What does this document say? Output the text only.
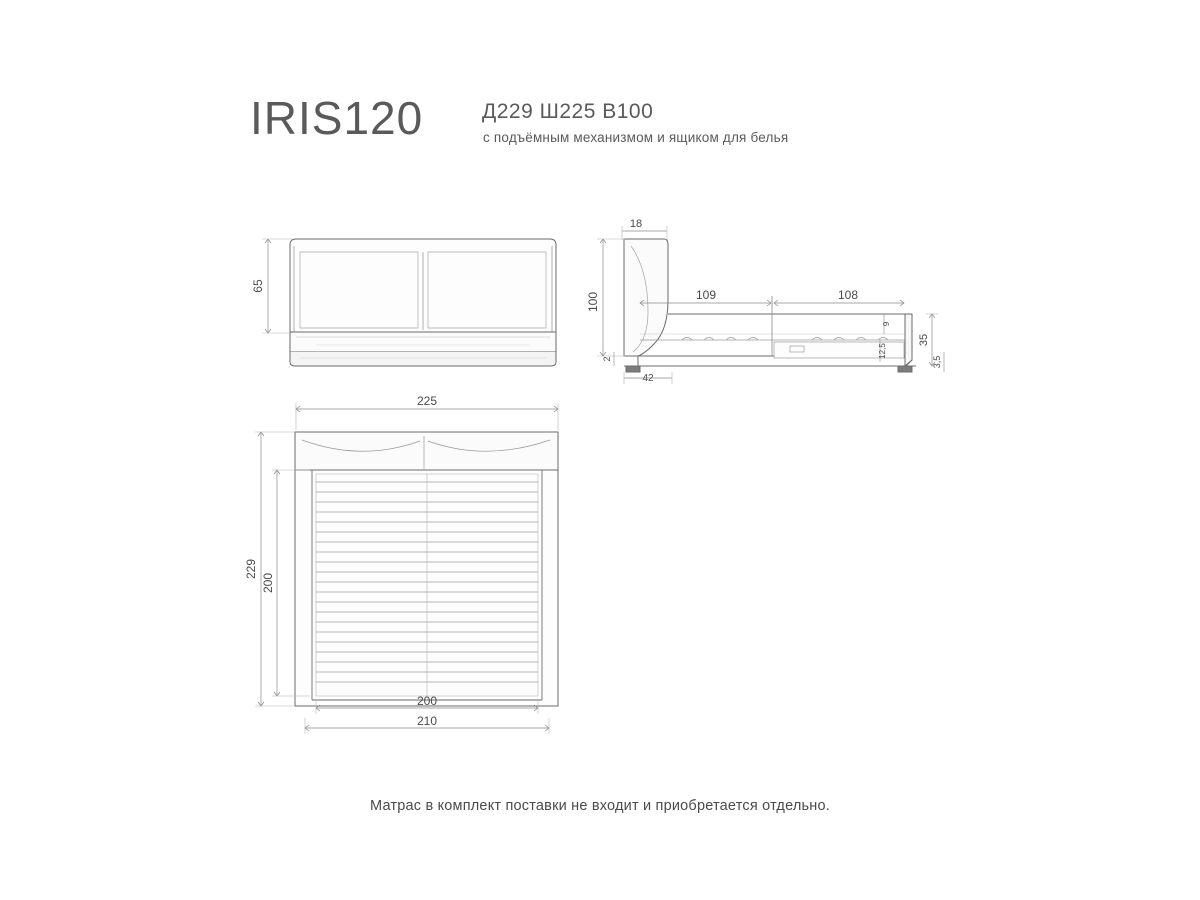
IRIS120	Д229 Ш225 В100
с подъёмным механизмом и ящиком для белья
65
18
100	109	108
9
12,5
2
42
35
3,5
225
229
200
200
210
Матрас в комплект поставки не входит и приобретается отдельно.
